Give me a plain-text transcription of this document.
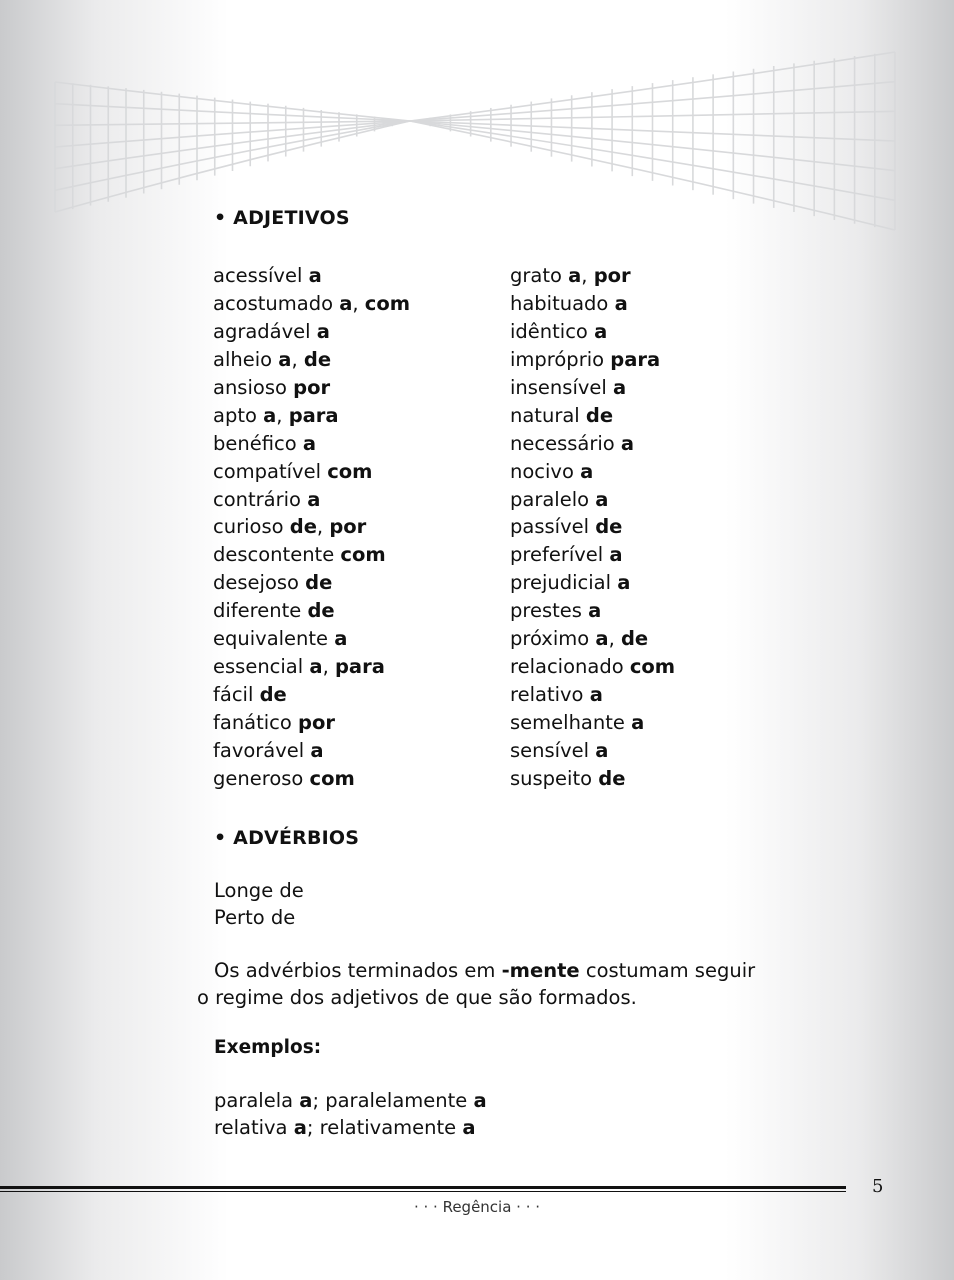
• ADJETIVOS
acessível a
acostumado a, com
agradável a
alheio a, de
ansioso por
apto a, para
benéfico a
compatível com
contrário a
curioso de, por
descontente com
desejoso de
diferente de
equivalente a
essencial a, para
fácil de
fanático por
favorável a
generoso com
grato a, por
habituado a
idêntico a
impróprio para
insensível a
natural de
necessário a
nocivo a
paralelo a
passível de
preferível a
prejudicial a
prestes a
próximo a, de
relacionado com
relativo a
semelhante a
sensível a
suspeito de
• ADVÉRBIOS
Longe de
Perto de
Os advérbios terminados em -mente costumam seguir
o regime dos adjetivos de que são formados.
Exemplos:
paralela a; paralelamente a
relativa a; relativamente a
5
· · · Regência · · ·
